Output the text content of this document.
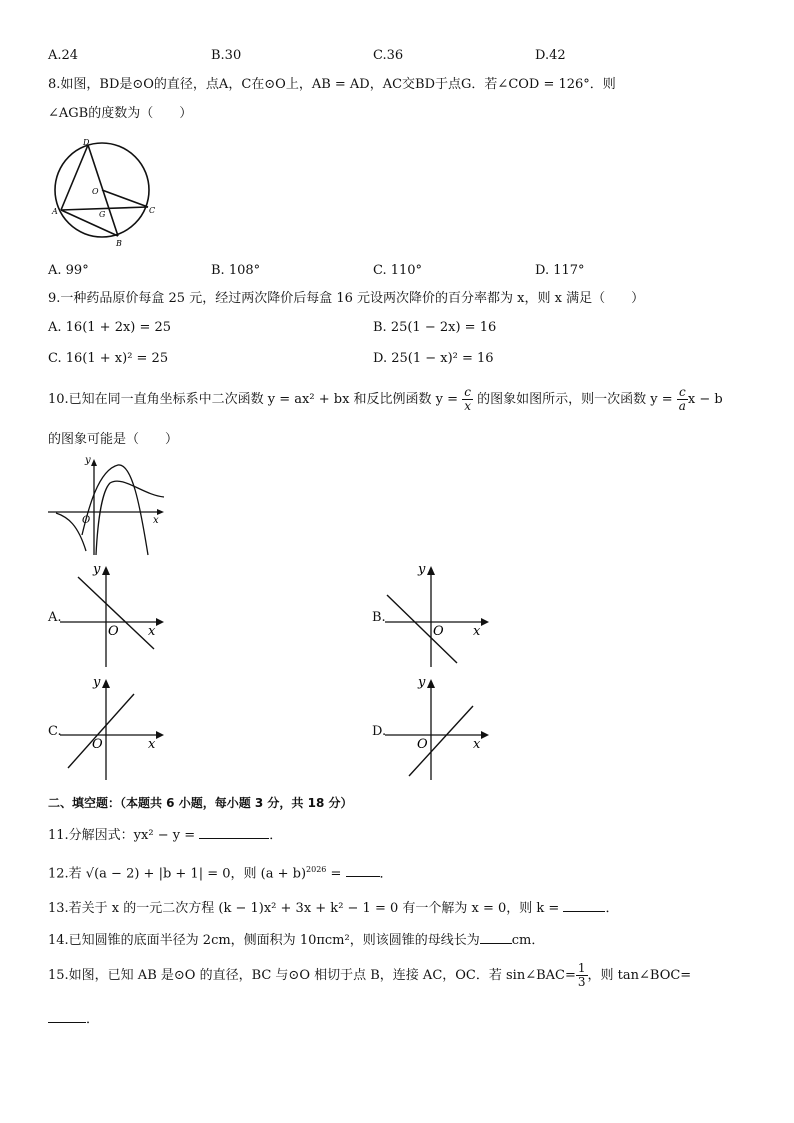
A.24	B.30	C.36	D.42
8.如图，BD是⊙O的直径，点A，C在⊙O上，AB = AD，AC交BD于点G．若∠COD = 126°．则
∠AGB的度数为（　　）
D
O
A	G	C
B
A. 99°	B. 108°	C. 110°	D. 117°
9.一种药品原价每盒 25 元，经过两次降价后每盒 16 元设两次降价的百分率都为 x，则 x 满足（　　）
A. 16(1 + 2x) = 25	B. 25(1 − 2x) = 16
C. 16(1 + x)² = 25	D. 25(1 − x)² = 16
10.已知在同一直角坐标系中二次函数 y = ax² + bx 和反比例函数 $y = \frac{c}{x}$ 的图象如图所示，则一次函数 $y = \frac{c}{a}$ x − b
的图象可能是（　　）
y
x
O
A.
y
x
O
B.
y
x
O
C.
y
x
O
D.
y
x
O
二、填空题：（本题共 6 小题，每小题 3 分，共 18 分）
11.分解因式：yx² − y =	．
12.若 √(a − 2) + |b + 1| = 0，则 $(a + b)^{2026}$ =	．
13.若关于 x 的一元二次方程 (k − 1)x² + 3x + k² − 1 = 0 有一个解为 x = 0，则 k =	．
14.已知圆锥的底面半径为 2cm，侧面积为 10πcm²，则该圆锥的母线长为 cm．
15.如图，已知 AB 是⊙O 的直径，BC 与⊙O 相切于点 B，连接 AC，OC．若 sin∠BAC= $\frac{1}{3}$ ，则 tan∠BOC=
．
